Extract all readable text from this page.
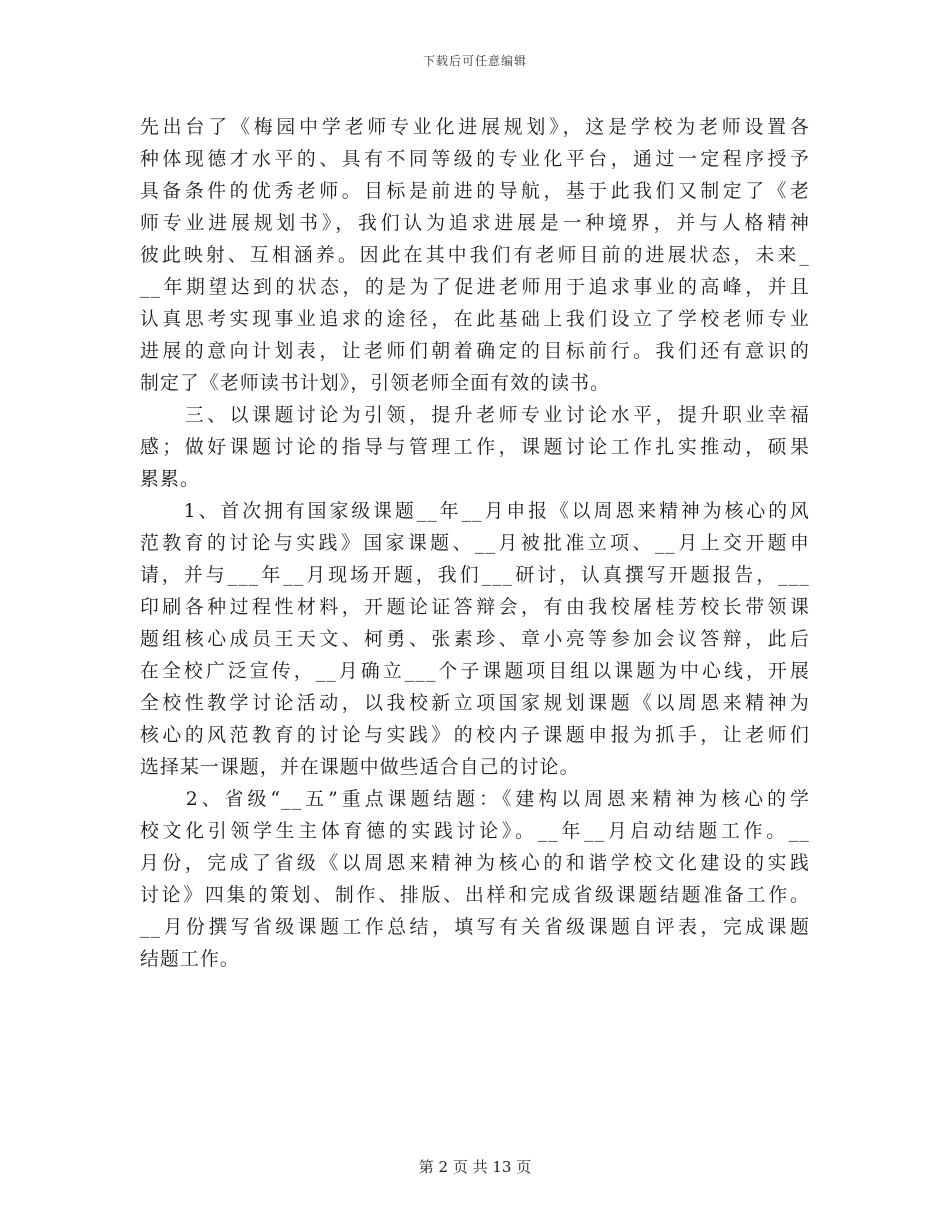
下载后可任意编辑
先出台了《梅园中学老师专业化进展规划》，这是学校为老师设置各
种体现德才水平的、具有不同等级的专业化平台，通过一定程序授予
具备条件的优秀老师。目标是前进的导航，基于此我们又制定了《老
师专业进展规划书》，我们认为追求进展是一种境界，并与人格精神
彼此映射、互相涵养。因此在其中我们有老师目前的进展状态，未来_
__年期望达到的状态，的是为了促进老师用于追求事业的高峰，并且
认真思考实现事业追求的途径，在此基础上我们设立了学校老师专业
进展的意向计划表，让老师们朝着确定的目标前行。我们还有意识的
制定了《老师读书计划》，引领老师全面有效的读书。
　　三、以课题讨论为引领，提升老师专业讨论水平，提升职业幸福
感；做好课题讨论的指导与管理工作，课题讨论工作扎实推动，硕果
累累。
　　1、首次拥有国家级课题__年__月申报《以周恩来精神为核心的风
范教育的讨论与实践》国家课题、__月被批准立项、__月上交开题申
请，并与___年__月现场开题，我们___研讨，认真撰写开题报告，___
印刷各种过程性材料，开题论证答辩会，有由我校屠桂芳校长带领课
题组核心成员王天文、柯勇、张素珍、章小亮等参加会议答辩，此后
在全校广泛宣传，__月确立___个子课题项目组以课题为中心线，开展
全校性教学讨论活动，以我校新立项国家规划课题《以周恩来精神为
核心的风范教育的讨论与实践》的校内子课题申报为抓手，让老师们
选择某一课题，并在课题中做些适合自己的讨论。
　　2、省级“__五”重点课题结题：《建构以周恩来精神为核心的学
校文化引领学生主体育德的实践讨论》。__年__月启动结题工作。__
月份，完成了省级《以周恩来精神为核心的和谐学校文化建设的实践
讨论》四集的策划、制作、排版、出样和完成省级课题结题准备工作。
__月份撰写省级课题工作总结，填写有关省级课题自评表，完成课题
结题工作。
第 2 页 共 13 页
